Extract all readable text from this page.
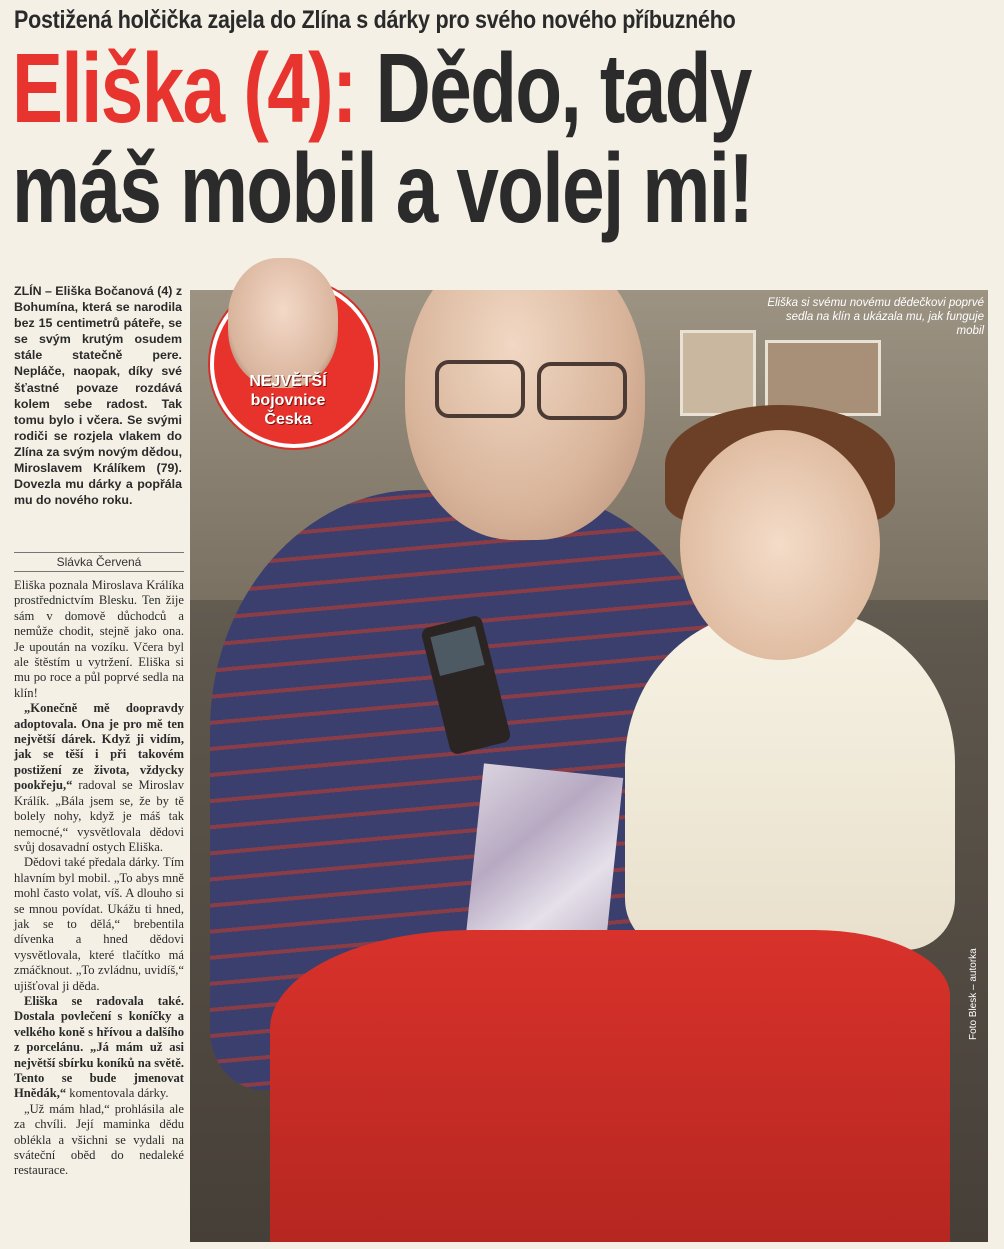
Postižená holčička zajela do Zlína s dárky pro svého nového příbuzného
Eliška (4): Dědo, tady
máš mobil a volej mi!
Eliška si svému novému dědečkovi poprvé sedla na klín a ukázala mu, jak funguje mobil
Foto Blesk – autorka
NEJVĚTŠÍ
bojovnice
Česka
ZLÍN – Eliška Bočanová (4) z Bohumína, která se narodila bez 15 centimetrů páteře, se se svým krutým osudem stále statečně pere. Nepláče, naopak, díky své šťastné povaze rozdává kolem sebe radost. Tak tomu bylo i včera. Se svými rodiči se rozjela vlakem do Zlína za svým novým dědou, Miroslavem Králíkem (79). Dovezla mu dárky a popřála mu do nového roku.
Slávka Červená

Eliška poznala Miroslava Králíka prostřednictvím Blesku. Ten žije sám v domově důchodců a nemůže chodit, stejně jako ona. Je upoután na vozíku. Včera byl ale štěstím u vytržení. Eliška si mu po roce a půl poprvé sedla na klín!

„Konečně mě doopravdy adoptovala. Ona je pro mě ten největší dárek. Když ji vidím, jak se těší i při takovém postižení ze života, vždycky pookřeju,“ radoval se Miroslav Králík. „Bála jsem se, že by tě bolely nohy, když je máš tak nemocné,“ vysvětlovala dědovi svůj dosavadní ostych Eliška.

Dědovi také předala dárky. Tím hlavním byl mobil. „To abys mně mohl často volat, víš. A dlouho si se mnou povídat. Ukážu ti hned, jak se to dělá,“ brebentila dívenka a hned dědovi vysvětlovala, které tlačítko má zmáčknout. „To zvládnu, uvidíš,“ ujišťoval ji děda.

Eliška se radovala také. Dostala povlečení s koníčky a velkého koně s hřívou a dalšího z porcelánu. „Já mám už asi největší sbírku koníků na světě. Tento se bude jmenovat Hnědák,“ komentovala dárky.

„Už mám hlad,“ prohlásila ale za chvíli. Její maminka dědu oblékla a všichni se vydali na sváteční oběd do nedaleké restaurace.
